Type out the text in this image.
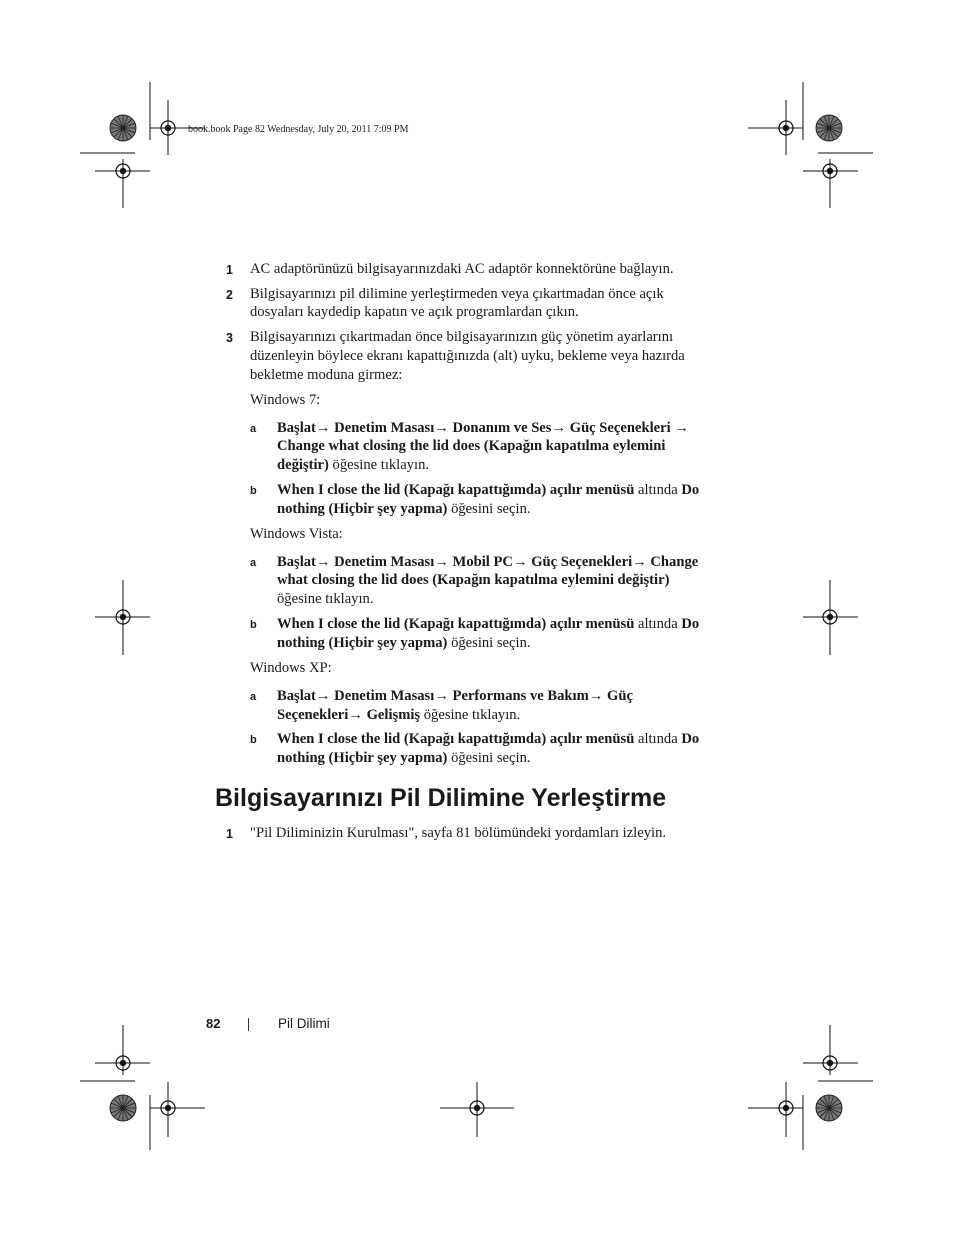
book.book Page 82 Wednesday, July 20, 2011 7:09 PM
1 AC adaptörünüzü bilgisayarınızdaki AC adaptör konnektörüne bağlayın.
2 Bilgisayarınızı pil dilimine yerleştirmeden veya çıkartmadan önce açık
dosyaları kaydedip kapatın ve açık programlardan çıkın.
3 Bilgisayarınızı çıkartmadan önce bilgisayarınızın güç yönetim ayarlarını
düzenleyin böylece ekranı kapattığınızda (alt) uyku, bekleme veya hazırda
bekletme moduna girmez:
Windows 7:
a Başlat→ Denetim Masası→ Donanım ve Ses→ Güç Seçenekleri →
Change what closing the lid does (Kapağın kapatılma eylemini
değiştir) öğesine tıklayın.
b When I close the lid (Kapağı kapattığımda) açılır menüsü altında Do
nothing (Hiçbir şey yapma) öğesini seçin.
Windows Vista:
a Başlat→ Denetim Masası→ Mobil PC→ Güç Seçenekleri→ Change
what closing the lid does (Kapağın kapatılma eylemini değiştir)
öğesine tıklayın.
b When I close the lid (Kapağı kapattığımda) açılır menüsü altında Do
nothing (Hiçbir şey yapma) öğesini seçin.
Windows XP:
a Başlat→ Denetim Masası→ Performans ve Bakım→ Güç
Seçenekleri→ Gelişmiş öğesine tıklayın.
b When I close the lid (Kapağı kapattığımda) açılır menüsü altında Do
nothing (Hiçbir şey yapma) öğesini seçin.
Bilgisayarınızı Pil Dilimine Yerleştirme
1 "Pil Diliminizin Kurulması", sayfa 81 bölümündeki yordamları izleyin.
82	Pil Dilimi
